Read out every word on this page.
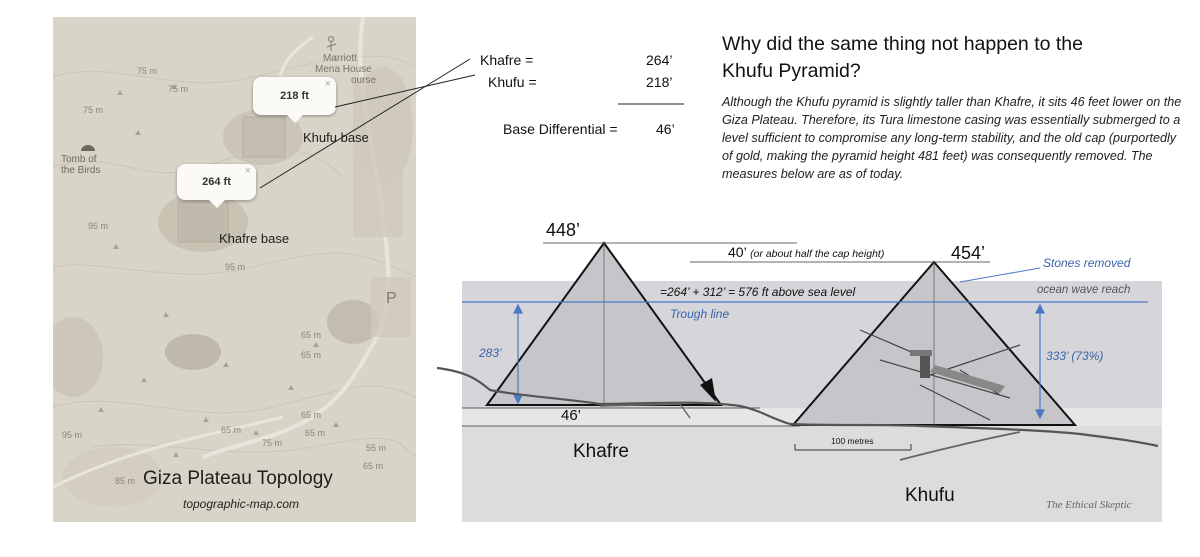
75 m
75 m
75 m
95 m
95 m
65 m
65 m
65 m
65 m
75 m
65 m
95 m
85 m
55 m
65 m
Marriott
Mena House
ourse
Tomb of
the Birds
P
218 ft
×
264 ft
×
Khufu base
Khafre base
Giza Plateau Topology
topographic-map.com
Khafre =	264’
Khufu =	218’
Base Differential =	46’
Why did the same thing not happen to the
Khufu Pyramid?
Although the Khufu pyramid is slightly taller than Khafre, it sits 46 feet lower on the Giza Plateau. Therefore, its Tura limestone casing was essentially submerged to a level sufficient to compromise any long-term stability, and the old cap (purportedly of gold, making the pyramid height 481 feet) was consequently removed. The measures below are as of today.
448’
454’
40’ (or about half the cap height)
Stones removed
ocean wave reach
=264’ + 312’ = 576 ft above sea level
Trough line
283’	333’ (73%)
46’
Khafre
Khufu
100 metres
The Ethical Skeptic
